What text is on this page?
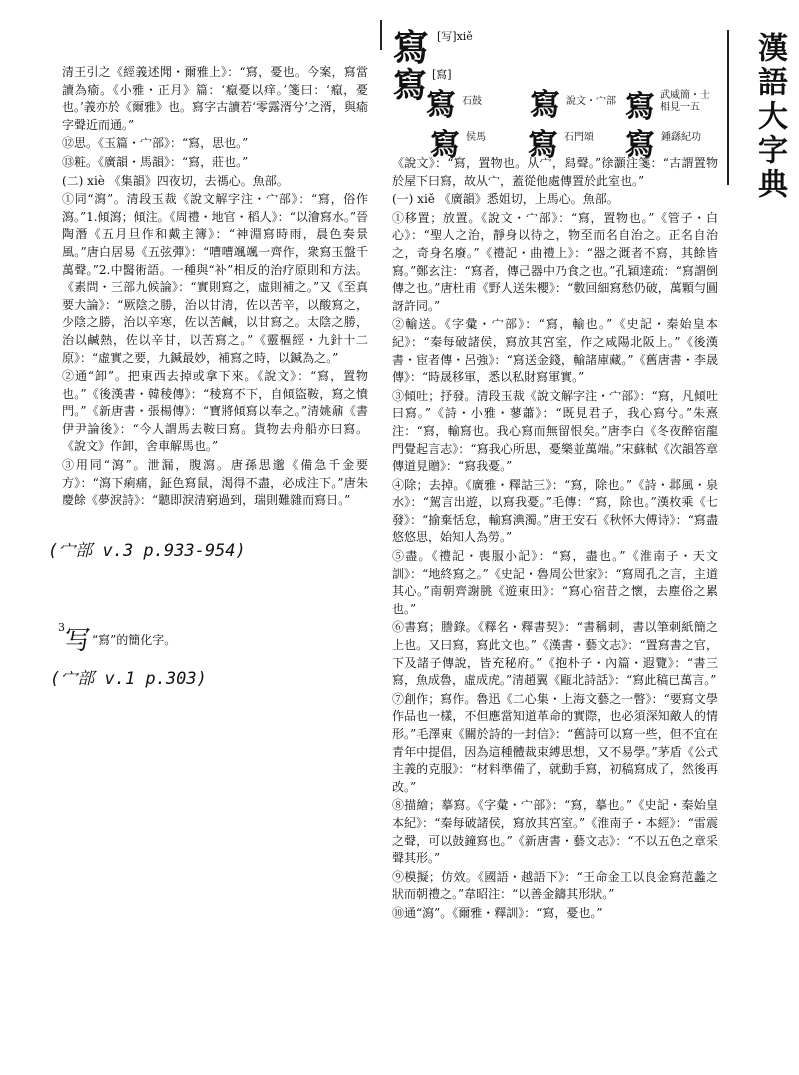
漢語大字典
寫 [写]xiě
寫 [寫]
寫 石鼓 寫 說文・宀部 寫 武威簡・士相見一五
寫 侯馬 寫 石門頌 寫 鍾繇紀功

清王引之《經義述聞・爾雅上》：“寫，憂也。今案，寫當讀為瘉。《小雅・正月》篇：‘癙憂以痒。’箋曰：‘癙，憂也。’義亦於《爾雅》也。寫字古讀若‘零露湑兮’之湑，與瘉字聲近而通。”

⑫思。《玉篇・宀部》：“寫，思也。”

⑬粧。《廣韻・馬韻》：“寫，莊也。”

(二) xiè 《集韻》四夜切，去禡心。魚部。

①同“瀉”。清段玉裁《說文解字注・宀部》：“寫，俗作瀉。”1.傾瀉；傾注。《周禮・地官・稻人》：“以澮寫水。”晉陶潛《五月旦作和戴主簿》：“神淵寫時雨，晨色奏景風。”唐白居易《五弦彈》：“嘈嘈颯颯一齊作，衆寫玉盤千萬聲。”2.中醫術語。一種與“补”相反的治疗原則和方法。《素問・三部九候論》：“實則寫之，虛則補之。”又《至真要大論》：“厥陰之勝，治以甘清，佐以苦辛，以酸寫之，少陰之勝，治以辛寒，佐以苦鹹，以甘寫之。太陰之勝，治以鹹熱，佐以辛甘，以苦寫之。”《靈樞經・九針十二原》：“虛實之要，九鍼最妙，補寫之時，以鍼為之。”

②通“卸”。把東西去掉或拿下來。《說文》：“寫，置物也。”《後漢書・韓稜傳》：“稜寫不下，自傾盜鞍，寫之憤門。”《新唐書・張楊傳》：“寶將傾寫以奉之。”清姚鼐《書伊尹論後》：“今人謂馬去鞍曰寫。貨物去舟船亦曰寫。《說文》作卸，舍車解馬也。”

③用同“瀉”。泄漏，腹瀉。唐孫思邈《備急千金要方》：“瀉下痢痛，鉦色寫鼠，渴得不盡，必成注下。”唐朱慶餘《夢淚詩》：“聽即淚清窮過到，瑞則難雜而寫日。”

(宀部 v.3 p.933-954)
$^3$写 “寫”的簡化字。
(宀部 v.1 p.303)

《說文》：“寫，置物也。从宀，舄聲。”徐灝注箋：“古謂置物於屋下曰寫，故从宀，蓋從他處傳置於此室也。”

(一) xiě 《廣韻》悉姐切，上馬心。魚部。

①移置；放置。《說文・宀部》：“寫，置物也。”《管子・白心》：“聖人之治，靜身以待之，物至而名自治之。正名自治之，奇身名廢。”《禮記・曲禮上》：“器之溉者不寫，其餘皆寫。”鄭玄注：“寫者，傳己器中乃食之也。”孔穎達疏：“寫謂倒傳之也。”唐杜甫《野人送朱櫻》：“數回細寫愁仍破，萬顆勻圓訝許同。”

②輸送。《字彙・宀部》：“寫，輸也。”《史記・秦始皇本紀》：“秦每破諸侯，寫放其宮室，作之咸陽北阪上。”《後漢書・宦者傳・呂強》：“寫送金錢，輸諸庫藏。”《舊唐書・李晟傳》：“時晟移軍，悉以私財寫軍實。”

③傾吐；抒發。清段玉裁《說文解字注・宀部》：“寫，凡傾吐曰寫。”《詩・小雅・蓼蕭》：“既見君子，我心寫兮。”朱熹注：“寫，輸寫也。我心寫而無留恨矣。”唐李白《冬夜醉宿龍門覺起言志》：“寫我心所思，憂樂並萬端。”宋蘇軾《次韻答章傳道見贈》：“寫我憂。”

④除；去掉。《廣雅・釋詁三》：“寫，除也。”《詩・邶風・泉水》：“駕言出遊，以寫我憂。”毛傳：“寫，除也。”漢枚乘《七發》：“揄棄恬怠，輸寫淟濁。”唐王安石《秋怀大傅诗》：“寫盡悠悠思，始知人為勞。”

⑤盡。《禮記・喪服小記》：“寫，盡也。”《淮南子・天文訓》：“地終寫之。”《史記・魯周公世家》：“寫周孔之言，主道其心。”南朝齊謝朓《遊東田》：“寫心宿昔之懷，去塵俗之累也。”

⑥書寫；謄錄。《釋名・釋書契》：“書稱刺，書以筆刺紙簡之上也。又曰寫，寫此文也。”《漢書・藝文志》：“置寫書之官，下及諸子傳說，皆充秘府。”《抱朴子・內篇・遐覽》：“書三寫，魚成魯，虛成虎。”清趙翼《甌北詩話》：“寫此稿已萬言。”

⑦創作；寫作。魯迅《二心集・上海文藝之一瞥》：“要寫文學作品也一樣，不但應當知道革命的實際，也必須深知敵人的情形。”毛澤東《關於詩的一封信》：“舊詩可以寫一些，但不宜在青年中提倡，因為這種體裁束縛思想，又不易學。”茅盾《公式主義的克服》：“材料準備了，就動手寫，初稿寫成了，然後再改。”

⑧描繪；摹寫。《字彙・宀部》：“寫，摹也。”《史記・秦始皇本紀》：“秦每破諸侯，寫放其宮室。”《淮南子・本經》：“雷震之聲，可以鼓鐘寫也。”《新唐書・藝文志》：“不以五色之章采聲其形。”

⑨模擬；仿效。《國語・越語下》：“王命金工以良金寫范蠡之狀而朝禮之。”韋昭注：“以善金鑄其形狀。”

⑩通“瀉”。《爾雅・釋訓》：“寫，憂也。”
